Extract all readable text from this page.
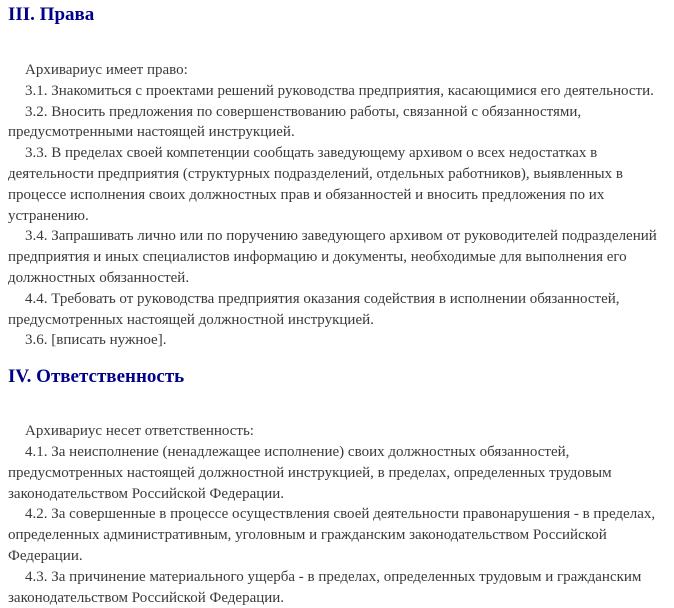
III. Права

Архивариус имеет право:

3.1. Знакомиться с проектами решений руководства предприятия, касающимися его деятельности.

3.2. Вносить предложения по совершенствованию работы, связанной с обязанностями, предусмотренными настоящей инструкцией.

3.3. В пределах своей компетенции сообщать заведующему архивом о всех недостатках в деятельности предприятия (структурных подразделений, отдельных работников), выявленных в процессе исполнения своих должностных прав и обязанностей и вносить предложения по их устранению.

3.4. Запрашивать лично или по поручению заведующего архивом от руководителей подразделений предприятия и иных специалистов информацию и документы, необходимые для выполнения его должностных обязанностей.

4.4. Требовать от руководства предприятия оказания содействия в исполнении обязанностей, предусмотренных настоящей должностной инструкцией.

3.6. [вписать нужное].

IV. Ответственность

Архивариус несет ответственность:

4.1. За неисполнение (ненадлежащее исполнение) своих должностных обязанностей, предусмотренных настоящей должностной инструкцией, в пределах, определенных трудовым законодательством Российской Федерации.

4.2. За совершенные в процессе осуществления своей деятельности правонарушения - в пределах, определенных административным, уголовным и гражданским законодательством Российской Федерации.

4.3. За причинение материального ущерба - в пределах, определенных трудовым и гражданским законодательством Российской Федерации.
